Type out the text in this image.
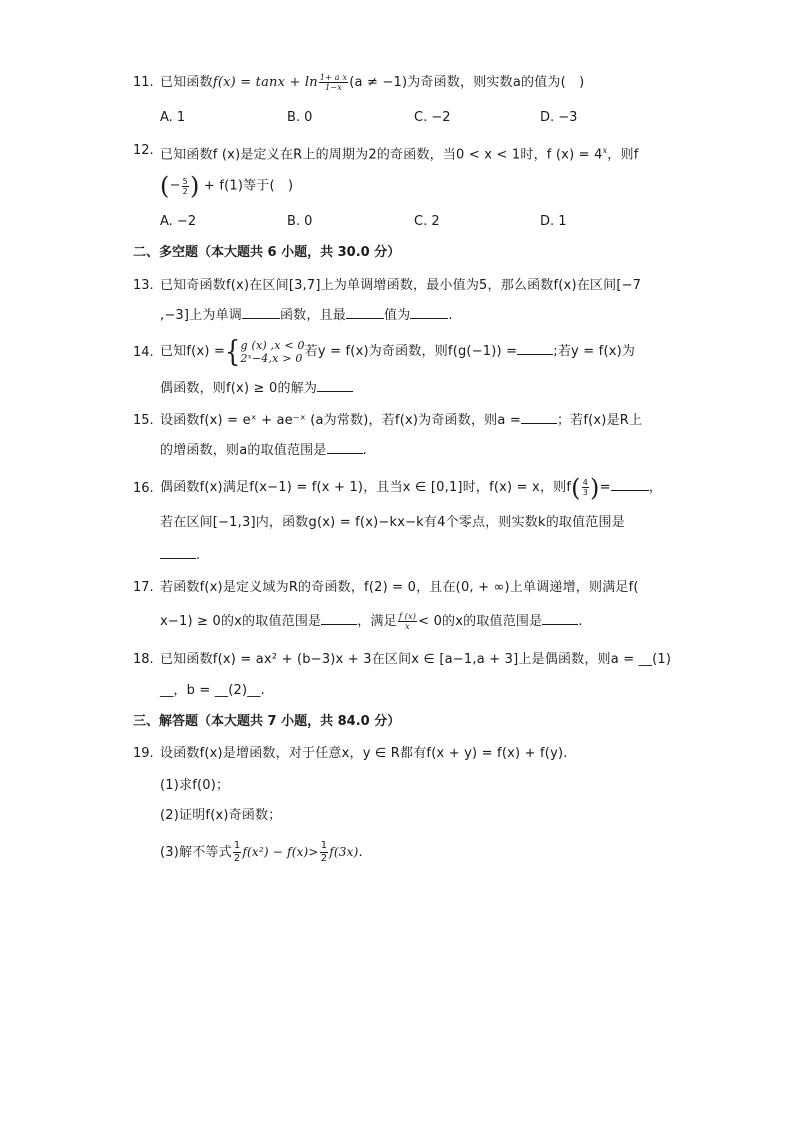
11. 已知函数$f(x) = \tan x + \ln \frac{\text{1+ a x}}{1-x} (a \ne -1)$为奇函数，则实数a的值为(　)
A. 1	B. 0	C. −2	D. −3
12. 已知函数f (x)是定义在R上的周期为2的奇函数，当0 < x < 1时，f $(x) = 4^x$，则f
(− $\frac{5}{2}$ ) + f(1)等于(　)
A. −2	B. 0	C. 2	D. 1
二、多空题（本大题共 6 小题，共 30.0 分）
13. 已知奇函数f(x)在区间[3,7]上为单调增函数，最小值为5，那么函数f(x)在区间[−7
,−3]上为单调	函数，且最	值为	.
14. 已知f(x) ={ g (x) ,x < 0
2ˣ−4,x > 0 若y = f(x)为奇函数，则f(g(−1)) =	;若y = f(x)为
偶函数，则f(x) ≥ 0的解为
15. 设函数f(x) = eˣ + ae⁻ˣ (a为常数)，若f(x)为奇函数，则a =	；若f(x)是R上
的增函数，则a的取值范围是	.
16. 偶函数f(x)满足f(x−1) = f(x + 1)，且当x ∈ [0,1]时，f(x) = x，则$f( \frac{4}{3}$ )=	，
若在区间[−1,3]内，函数g(x) = f(x)−kx−k有4个零点，则实数k的取值范围是
.
17. 若函数f(x)是定义域为R的奇函数，f(2) = 0，且在(0, + ∞)上单调递增，则满足f(
x−1) ≥ 0的x的取值范围是	，满足 $\frac{f (x)}{x} < 0$的x的取值范围是	.
18. 已知函数f(x) = ax² + (b−3)x + 3在区间x ∈ [a−1,a + 3]上是偶函数，则a = __(1)
__，b = __(2)__.
三、解答题（本大题共 7 小题，共 84.0 分）
19. 设函数f(x)是增函数，对于任意x，y ∈ R都有f(x + y) = f(x) + f(y).
(1)求f(0)；
(2)证明f(x)奇函数；
(3)解不等式 $\frac{1}{2} f(x^2) - f(x)> \frac{1}{2} f(3x)$.
